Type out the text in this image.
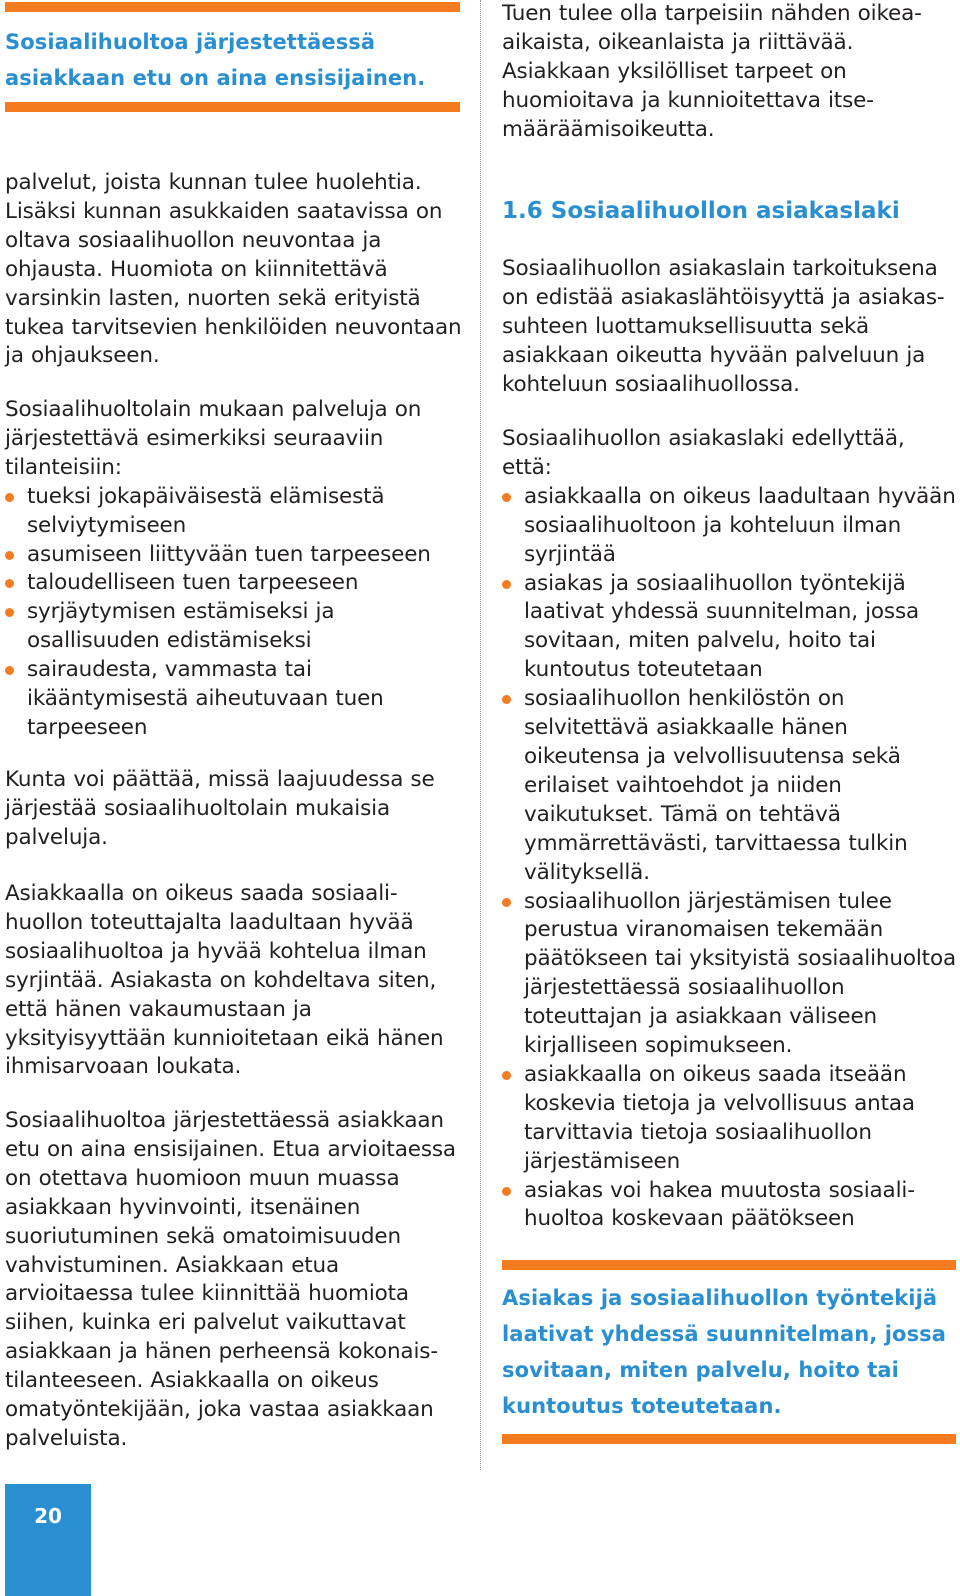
Sosiaalihuoltoa järjestettäessä asiakkaan etu on aina ensisijainen.

palvelut, joista kunnan tulee huolehtia. Lisäksi kunnan asukkaiden saatavissa on oltava sosiaalihuollon neuvontaa ja ohjausta. Huomiota on kiinnitettävä varsinkin lasten, nuorten sekä erityistä tukea tarvitsevien henkilöiden neuvontaan ja ohjaukseen.

Sosiaalihuoltolain mukaan palveluja on järjestettävä esimerkiksi seuraaviin tilanteisiin:

tueksi jokapäiväisestä elämisestä selviytymiseen
asumiseen liittyvään tuen tarpeeseen
taloudelliseen tuen tarpeeseen
syrjäytymisen estämiseksi ja osallisuuden edistämiseksi
sairaudesta, vammasta tai ikääntymisestä aiheutuvaan tuen tarpeeseen

Kunta voi päättää, missä laajuudessa se järjestää sosiaalihuoltolain mukaisia palveluja.

Asiakkaalla on oikeus saada sosiaalihuollon toteuttajalta laadultaan hyvää sosiaalihuoltoa ja hyvää kohtelua ilman syrjintää. Asiakasta on kohdeltava siten, että hänen vakaumustaan ja yksityisyyttään kunnioitetaan eikä hänen ihmisarvoaan loukata.

Sosiaalihuoltoa järjestettäessä asiakkaan etu on aina ensisijainen. Etua arvioitaessa on otettava huomioon muun muassa asiakkaan hyvinvointi, itsenäinen suoriutuminen sekä omatoimisuuden vahvistuminen. Asiakkaan etua arvioitaessa tulee kiinnittää huomiota siihen, kuinka eri palvelut vaikuttavat asiakkaan ja hänen perheensä kokonaistilanteeseen. Asiakkaalla on oikeus omatyöntekijään, joka vastaa asiakkaan palveluista.

Tuen tulee olla tarpeisiin nähden oikea-aikaista, oikeanlaista ja riittävää. Asiakkaan yksilölliset tarpeet on huomioitava ja kunnioitettava itsemääräämisoikeutta.

1.6 Sosiaalihuollon asiakaslaki

Sosiaalihuollon asiakaslain tarkoituksena on edistää asiakaslähtöisyyttä ja asiakassuhteen luottamuksellisuutta sekä asiakkaan oikeutta hyvään palveluun ja kohteluun sosiaalihuollossa.

Sosiaalihuollon asiakaslaki edellyttää, että:

asiakkaalla on oikeus laadultaan hyvään sosiaalihuoltoon ja kohteluun ilman syrjintää
asiakas ja sosiaalihuollon työntekijä laativat yhdessä suunnitelman, jossa sovitaan, miten palvelu, hoito tai kuntoutus toteutetaan
sosiaalihuollon henkilöstön on selvitettävä asiakkaalle hänen oikeutensa ja velvollisuutensa sekä erilaiset vaihtoehdot ja niiden vaikutukset. Tämä on tehtävä ymmärrettävästi, tarvittaessa tulkin välityksellä.
sosiaalihuollon järjestämisen tulee perustua viranomaisen tekemään päätökseen tai yksityistä sosiaalihuoltoa järjestettäessä sosiaalihuollon toteuttajan ja asiakkaan väliseen kirjalliseen sopimukseen.
asiakkaalla on oikeus saada itseään koskevia tietoja ja velvollisuus antaa tarvittavia tietoja sosiaalihuollon järjestämiseen
asiakas voi hakea muutosta sosiaalihuoltoa koskevaan päätökseen
Asiakas ja sosiaalihuollon työntekijä laativat yhdessä suunnitelman, jossa sovitaan, miten palvelu, hoito tai kuntoutus toteutetaan.
20
